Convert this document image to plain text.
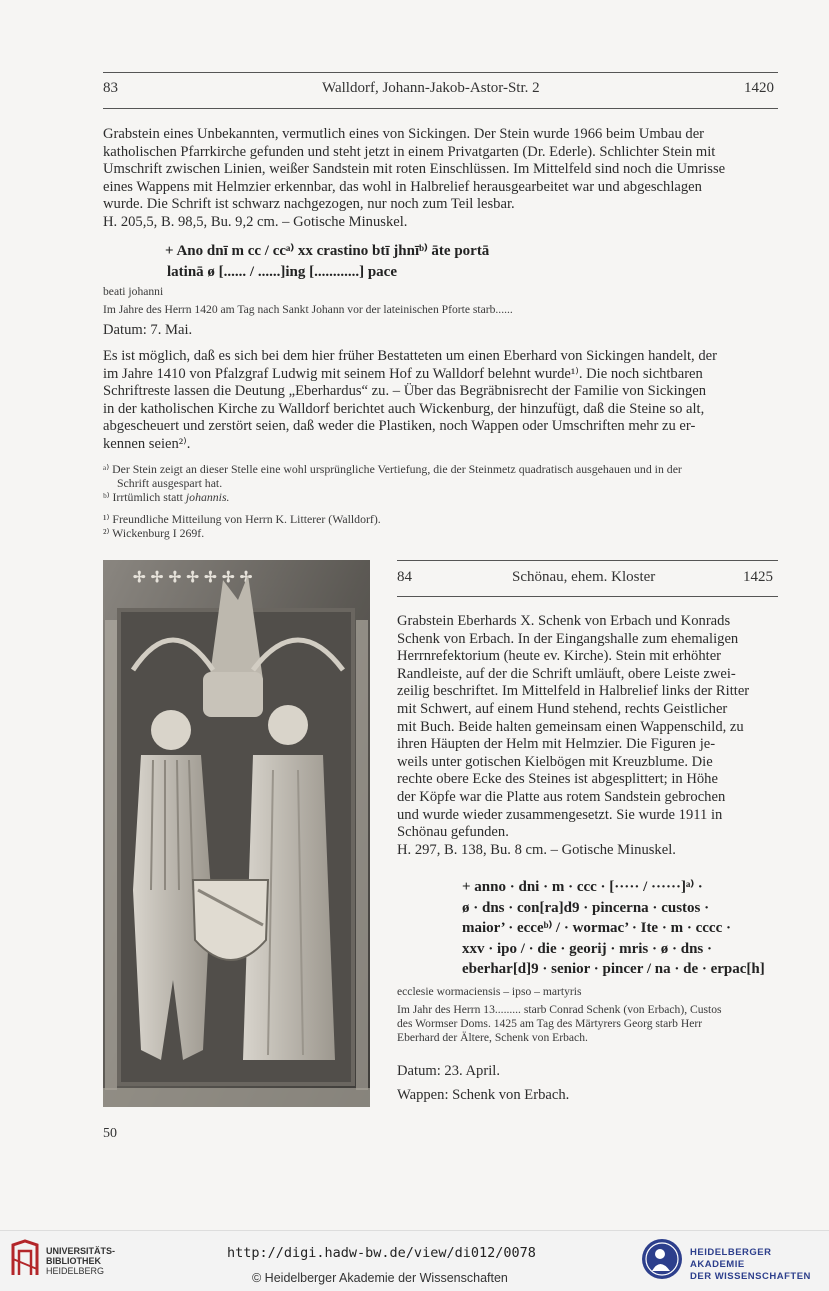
83	Walldorf, Johann-Jakob-Astor-Str. 2	1420

Grabstein eines Unbekannten, vermutlich eines von Sickingen. Der Stein wurde 1966 beim Umbau der

katholischen Pfarrkirche gefunden und steht jetzt in einem Privatgarten (Dr. Ederle). Schlichter Stein mit

Umschrift zwischen Linien, weißer Sandstein mit roten Einschlüssen. Im Mittelfeld sind noch die Umrisse

eines Wappens mit Helmzier erkennbar, das wohl in Halbrelief herausgearbeitet war und abgeschlagen

wurde. Die Schrift ist schwarz nachgezogen, nur noch zum Teil lesbar.

H. 205,5, B. 98,5, Bu. 9,2 cm. – Gotische Minuskel.

+ Ano dnī m cc / ccᵃ⁾ xx crastino btī jhnīᵇ⁾ āte portā
latinā ø [...... / ......]ing [............] pace
beati johanni
Im Jahre des Herrn 1420 am Tag nach Sankt Johann vor der lateinischen Pforte starb......
Datum: 7. Mai.

Es ist möglich, daß es sich bei dem hier früher Bestatteten um einen Eberhard von Sickingen handelt, der

im Jahre 1410 von Pfalzgraf Ludwig mit seinem Hof zu Walldorf belehnt wurde¹⁾. Die noch sichtbaren

Schriftreste lassen die Deutung „Eberhardus“ zu. – Über das Begräbnisrecht der Familie von Sickingen

in der katholischen Kirche zu Walldorf berichtet auch Wickenburg, der hinzufügt, daß die Steine so alt,

abgescheuert und zerstört seien, daß weder die Plastiken, noch Wappen oder Umschriften mehr zu er-

kennen seien²⁾.

ᵃ⁾ Der Stein zeigt an dieser Stelle eine wohl ursprüngliche Vertiefung, die der Steinmetz quadratisch ausgehauen und in der
Schrift ausgespart hat.
ᵇ⁾ Irrtümlich statt johannis.
¹⁾ Freundliche Mitteilung von Herrn K. Litterer (Walldorf).
²⁾ Wickenburg I 269f.
✢ ✢ ✢ ✢ ✢ ✢ ✢	84	Schönau, ehem. Kloster	1425

Grabstein Eberhards X. Schenk von Erbach und Konrads

Schenk von Erbach. In der Eingangshalle zum ehemaligen

Herrnrefektorium (heute ev. Kirche). Stein mit erhöhter

Randleiste, auf der die Schrift umläuft, obere Leiste zwei-

zeilig beschriftet. Im Mittelfeld in Halbrelief links der Ritter

mit Schwert, auf einem Hund stehend, rechts Geistlicher

mit Buch. Beide halten gemeinsam einen Wappenschild, zu

ihren Häupten der Helm mit Helmzier. Die Figuren je-

weils unter gotischen Kielbögen mit Kreuzblume. Die

rechte obere Ecke des Steines ist abgesplittert; in Höhe

der Köpfe war die Platte aus rotem Sandstein gebrochen

und wurde wieder zusammengesetzt. Sie wurde 1911 in

Schönau gefunden.

H. 297, B. 138, Bu. 8 cm. – Gotische Minuskel.

+ anno · dni · m · ccc · [····· / ······]ᵃ⁾ ·
ø · dns · con[ra]d9 · pincerna · custos ·
maior’ · ecceᵇ⁾ / · wormac’ · Ite · m · cccc ·
xxv · ipo / · die · georij · mris · ø · dns ·
eberhar[d]9 · senior · pincer / na · de · erpac[h]
ecclesie wormaciensis – ipso – martyris
Im Jahr des Herrn 13......... starb Conrad Schenk (von Erbach), Custos
des Wormser Doms. 1425 am Tag des Märtyrers Georg starb Herr
Eberhard der Ältere, Schenk von Erbach.
Datum: 23. April.
Wappen: Schenk von Erbach.
50
UNIVERSITÄTS-
BIBLIOTHEK
HEIDELBERG
http://digi.hadw-bw.de/view/di012/0078
© Heidelberger Akademie der Wissenschaften
HEIDELBERGER AKADEMIE
DER WISSENSCHAFTEN
